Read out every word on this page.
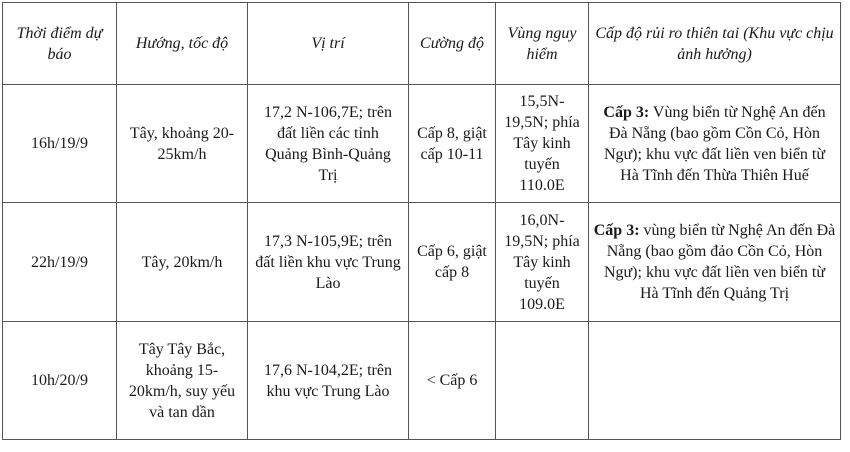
Thời điểm dự báo	Hướng, tốc độ	Vị trí	Cường độ	Vùng nguy hiểm	Cấp độ rủi ro thiên tai (Khu vực chịu ảnh hưởng)
16h/19/9	Tây, khoảng 20-25km/h	17,2 N-106,7E; trên đất liền các tỉnh Quảng Bình-Quảng Trị	Cấp 8, giật cấp 10-11	15,5N-19,5N; phía Tây kinh tuyến 110.0E	Cấp 3: Vùng biển từ Nghệ An đến Đà Nẵng (bao gồm Cồn Cỏ, Hòn Ngư); khu vực đất liền ven biển từ Hà Tĩnh đến Thừa Thiên Huế
22h/19/9	Tây, 20km/h	17,3 N-105,9E; trên đất liền khu vực Trung Lào	Cấp 6, giật cấp 8	16,0N-19,5N; phía Tây kinh tuyến 109.0E	Cấp 3: vùng biển từ Nghệ An đến Đà Nẵng (bao gồm đảo Cồn Cỏ, Hòn Ngư); khu vực đất liền ven biển từ Hà Tĩnh đến Quảng Trị
10h/20/9	Tây Tây Bắc, khoảng 15-20km/h, suy yếu và tan dần	17,6 N-104,2E; trên khu vực Trung Lào	< Cấp 6		
